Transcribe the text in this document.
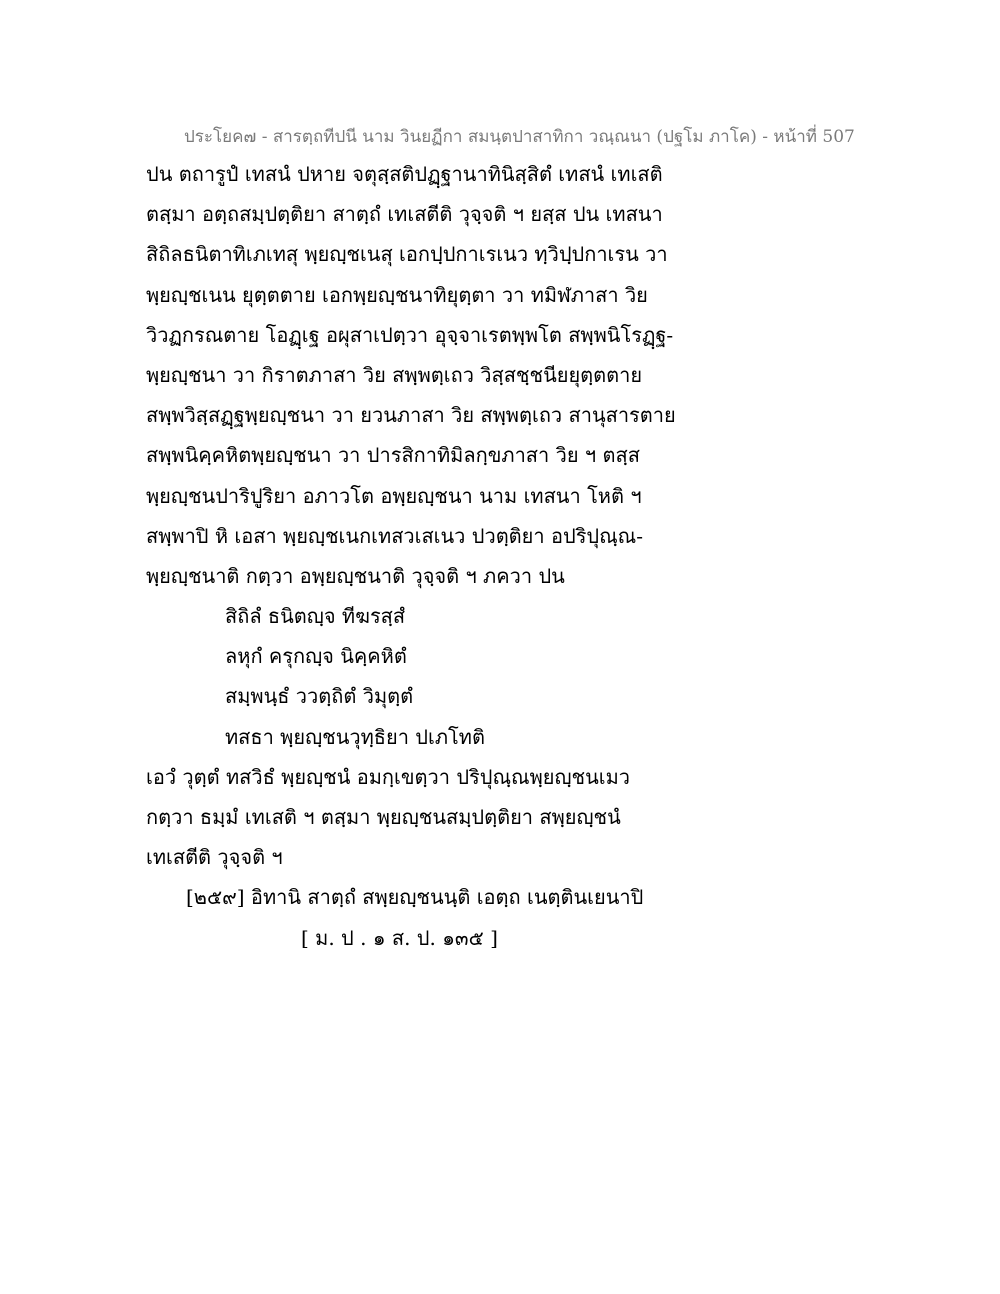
ประโยค๗ - สารตฺถทีปนี นาม วินยฏีกา สมนฺตปาสาทิกา วณฺณนา (ปฐโม ภาโค) - หน้าที่ 507
ปน ตถารูปํ เทสนํ ปหาย จตุสฺสติปฏฺฐานาทินิสฺสิตํ เทสนํ เทเสติ
ตสฺมา อตฺถสมฺปตฺติยา สาตฺถํ เทเสตีติ วุจฺจติ ฯ ยสฺส ปน เทสนา
สิถิลธนิตาทิเภเทสุ พฺยญฺชเนสุ เอกปฺปกาเรเนว ทฺวิปฺปกาเรน วา
พฺยญฺชเนน ยุตฺตตาย เอกพฺยญฺชนาทิยุตฺตา วา ทมิฬภาสา วิย
วิวฏกรณตาย โอฏฺเฐ อผุสาเปตฺวา อุจฺจาเรตพฺพโต สพฺพนิโรฏฺฐ-
พฺยญฺชนา วา กิราตภาสา วิย สพฺพตฺเถว วิสฺสชฺชนียยุตฺตตาย
สพฺพวิสฺสฏฺฐพฺยญฺชนา วา ยวนภาสา วิย สพฺพตฺเถว สานุสารตาย
สพฺพนิคฺคหิตพฺยญฺชนา วา ปารสิกาทิมิลกฺขภาสา วิย ฯ ตสฺส
พฺยญฺชนปาริปูริยา อภาวโต อพฺยญฺชนา นาม เทสนา โหติ ฯ
สพฺพาปิ หิ เอสา พฺยญฺชเนกเทสวเสเนว ปวตฺติยา อปริปุณฺณ-
พฺยญฺชนาติ กตฺวา อพฺยญฺชนาติ วุจฺจติ ฯ ภควา ปน
สิถิลํ ธนิตญฺจ ทีฆรสฺสํ
ลหุกํ ครุกญฺจ นิคฺคหิตํ
สมฺพนฺธํ ววตฺถิตํ วิมุตฺตํ
ทสธา พฺยญฺชนวุทฺธิยา ปเภโทติ
เอวํ วุตฺตํ ทสวิธํ พฺยญฺชนํ อมกฺเขตฺวา ปริปุณฺณพฺยญฺชนเมว
กตฺวา ธมฺมํ เทเสติ ฯ ตสฺมา พฺยญฺชนสมฺปตฺติยา สพฺยญฺชนํ
เทเสตีติ วุจฺจติ ฯ
[๒๕๙] อิทานิ สาตฺถํ สพฺยญฺชนนฺติ เอตฺถ เนตฺตินเยนาปิ
[ ม. ป . ๑ ส. ป. ๑๓๕ ]
